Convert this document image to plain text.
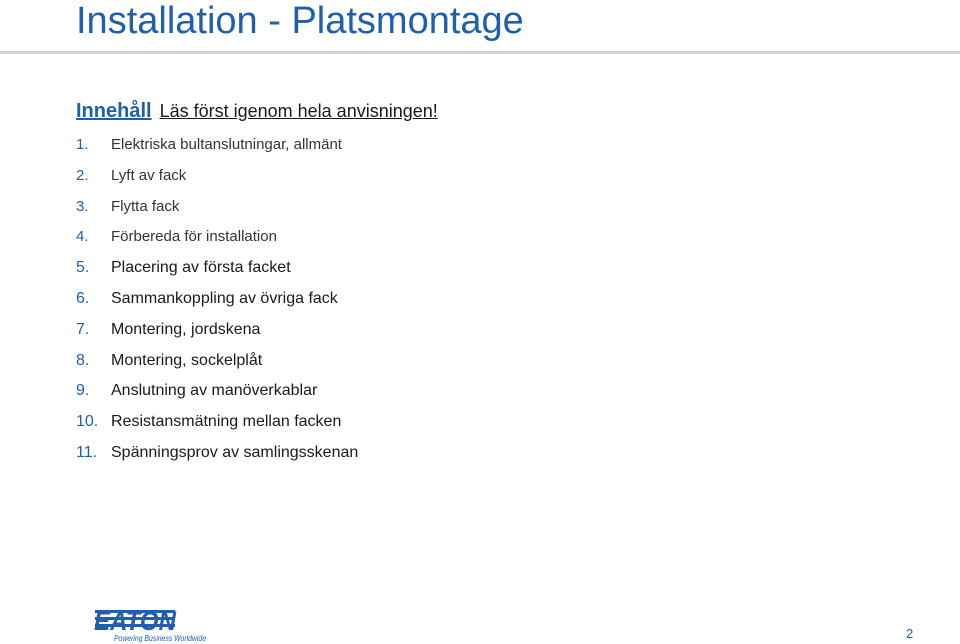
Installation - Platsmontage
Innehåll Läs först igenom hela anvisningen!
1. Elektriska bultanslutningar, allmänt
2. Lyft av fack
3. Flytta fack
4. Förbereda för installation
5. Placering av första facket
6. Sammankoppling av övriga fack
7. Montering, jordskena
8. Montering, sockelplåt
9. Anslutning av manöverkablar
10. Resistansmätning mellan facken
11. Spänningsprov av samlingsskenan
EATON
Powering Business Worldwide	2
